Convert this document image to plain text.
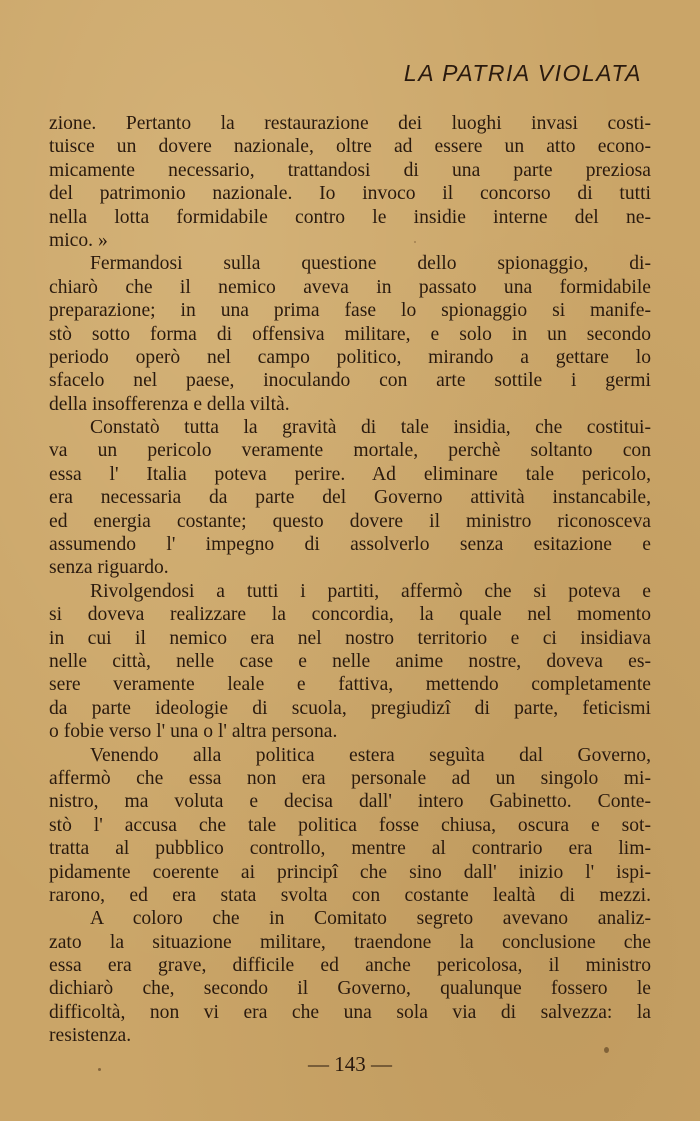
LA PATRIA VIOLATA
zione. Pertanto la restaurazione dei luoghi invasi costi-
tuisce un dovere nazionale, oltre ad essere un atto econo-
micamente necessario, trattandosi di una parte preziosa
del patrimonio nazionale. Io invoco il concorso di tutti
nella lotta formidabile contro le insidie interne del ne-
mico. »
Fermandosi sulla questione dello spionaggio, di-
chiarò che il nemico aveva in passato una formidabile
preparazione; in una prima fase lo spionaggio si manife-
stò sotto forma di offensiva militare, e solo in un secondo
periodo operò nel campo politico, mirando a gettare lo
sfacelo nel paese, inoculando con arte sottile i germi
della insofferenza e della viltà.
Constatò tutta la gravità di tale insidia, che costitui-
va un pericolo veramente mortale, perchè soltanto con
essa l' Italia poteva perire. Ad eliminare tale pericolo,
era necessaria da parte del Governo attività instancabile,
ed energia costante; questo dovere il ministro riconosceva
assumendo l' impegno di assolverlo senza esitazione e
senza riguardo.
Rivolgendosi a tutti i partiti, affermò che si poteva e
si doveva realizzare la concordia, la quale nel momento
in cui il nemico era nel nostro territorio e ci insidiava
nelle città, nelle case e nelle anime nostre, doveva es-
sere veramente leale e fattiva, mettendo completamente
da parte ideologie di scuola, pregiudizî di parte, feticismi
o fobie verso l' una o l' altra persona.
Venendo alla politica estera seguìta dal Governo,
affermò che essa non era personale ad un singolo mi-
nistro, ma voluta e decisa dall' intero Gabinetto. Conte-
stò l' accusa che tale politica fosse chiusa, oscura e sot-
tratta al pubblico controllo, mentre al contrario era lim-
pidamente coerente ai principî che sino dall' inizio l' ispi-
rarono, ed era stata svolta con costante lealtà di mezzi.
A coloro che in Comitato segreto avevano analiz-
zato la situazione militare, traendone la conclusione che
essa era grave, difficile ed anche pericolosa, il ministro
dichiarò che, secondo il Governo, qualunque fossero le
difficoltà, non vi era che una sola via di salvezza: la
resistenza.
— 143 —
